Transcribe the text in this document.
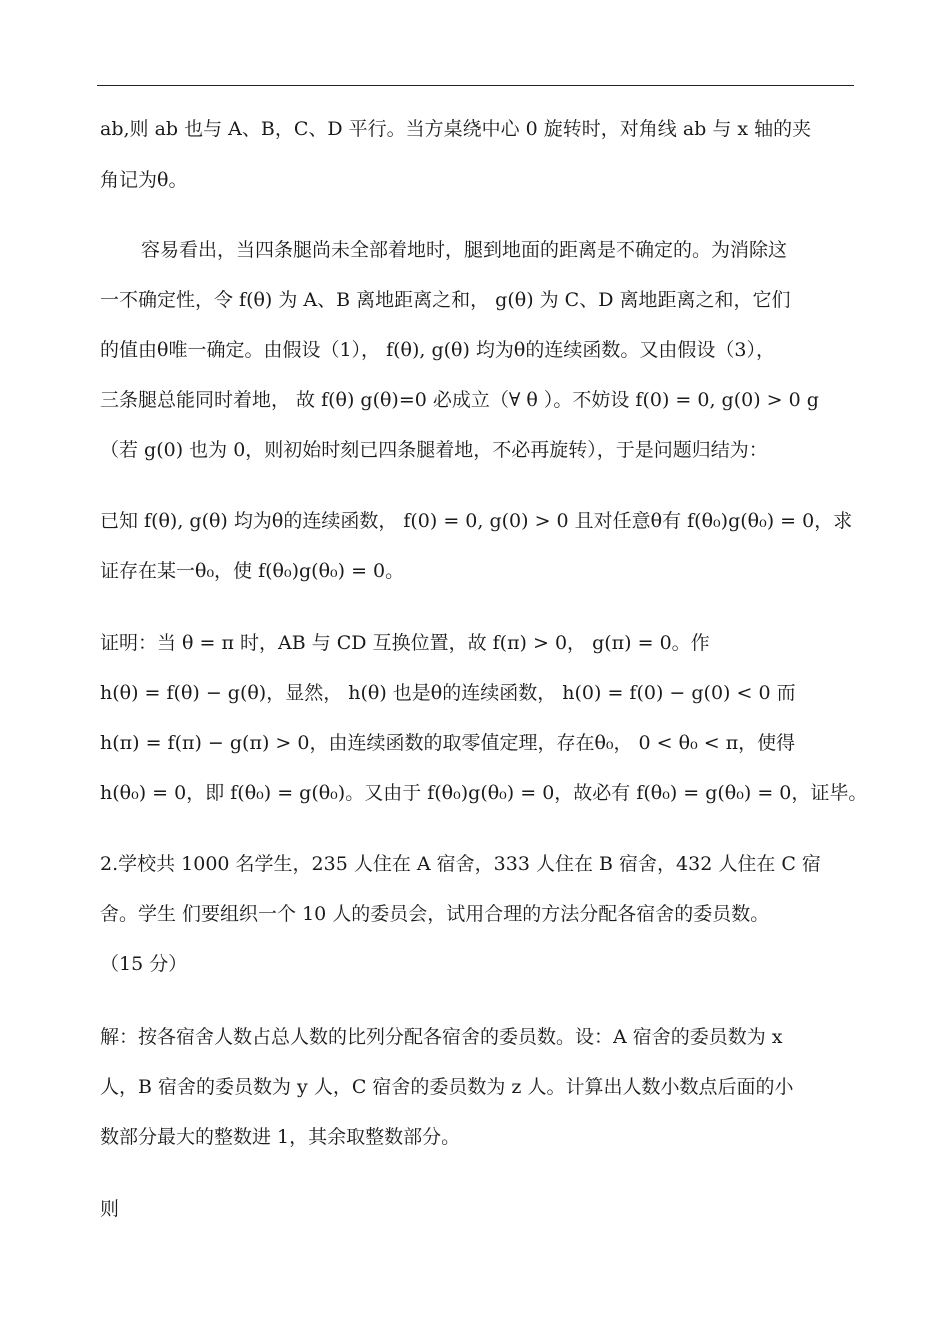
ab,则 ab 也与 A、B，C、D 平行。当方桌绕中心 0 旋转时，对角线 ab 与 x 轴的夹
角记为θ。
容易看出，当四条腿尚未全部着地时，腿到地面的距离是不确定的。为消除这
一不确定性，令 f(θ) 为 A、B 离地距离之和， g(θ) 为 C、D 离地距离之和，它们
的值由θ唯一确定。由假设（1）， f(θ), g(θ) 均为θ的连续函数。又由假设（3），
三条腿总能同时着地， 故 f(θ) g(θ)=0 必成立（∀ θ ）。不妨设 f(0) = 0, g(0) > 0 g
（若 g(0) 也为 0，则初始时刻已四条腿着地，不必再旋转），于是问题归结为：
已知 f(θ), g(θ) 均为θ的连续函数， f(0) = 0, g(0) > 0 且对任意θ有 f(θ₀)g(θ₀) = 0，求
证存在某一θ₀，使 f(θ₀)g(θ₀) = 0。
证明：当 θ = π 时，AB 与 CD 互换位置，故 f(π) > 0， g(π) = 0。作
h(θ) = f(θ) − g(θ)，显然， h(θ) 也是θ的连续函数， h(0) = f(0) − g(0) < 0 而
h(π) = f(π) − g(π) > 0，由连续函数的取零值定理，存在θ₀， 0 < θ₀ < π，使得
h(θ₀) = 0，即 f(θ₀) = g(θ₀)。又由于 f(θ₀)g(θ₀) = 0，故必有 f(θ₀) = g(θ₀) = 0，证毕。
2.学校共 1000 名学生，235 人住在 A 宿舍，333 人住在 B 宿舍，432 人住在 C 宿
舍。学生 们要组织一个 10 人的委员会，试用合理的方法分配各宿舍的委员数。
（15 分）
解：按各宿舍人数占总人数的比列分配各宿舍的委员数。设：A 宿舍的委员数为 x
人，B 宿舍的委员数为 y 人，C 宿舍的委员数为 z 人。计算出人数小数点后面的小
数部分最大的整数进 1，其余取整数部分。
则
